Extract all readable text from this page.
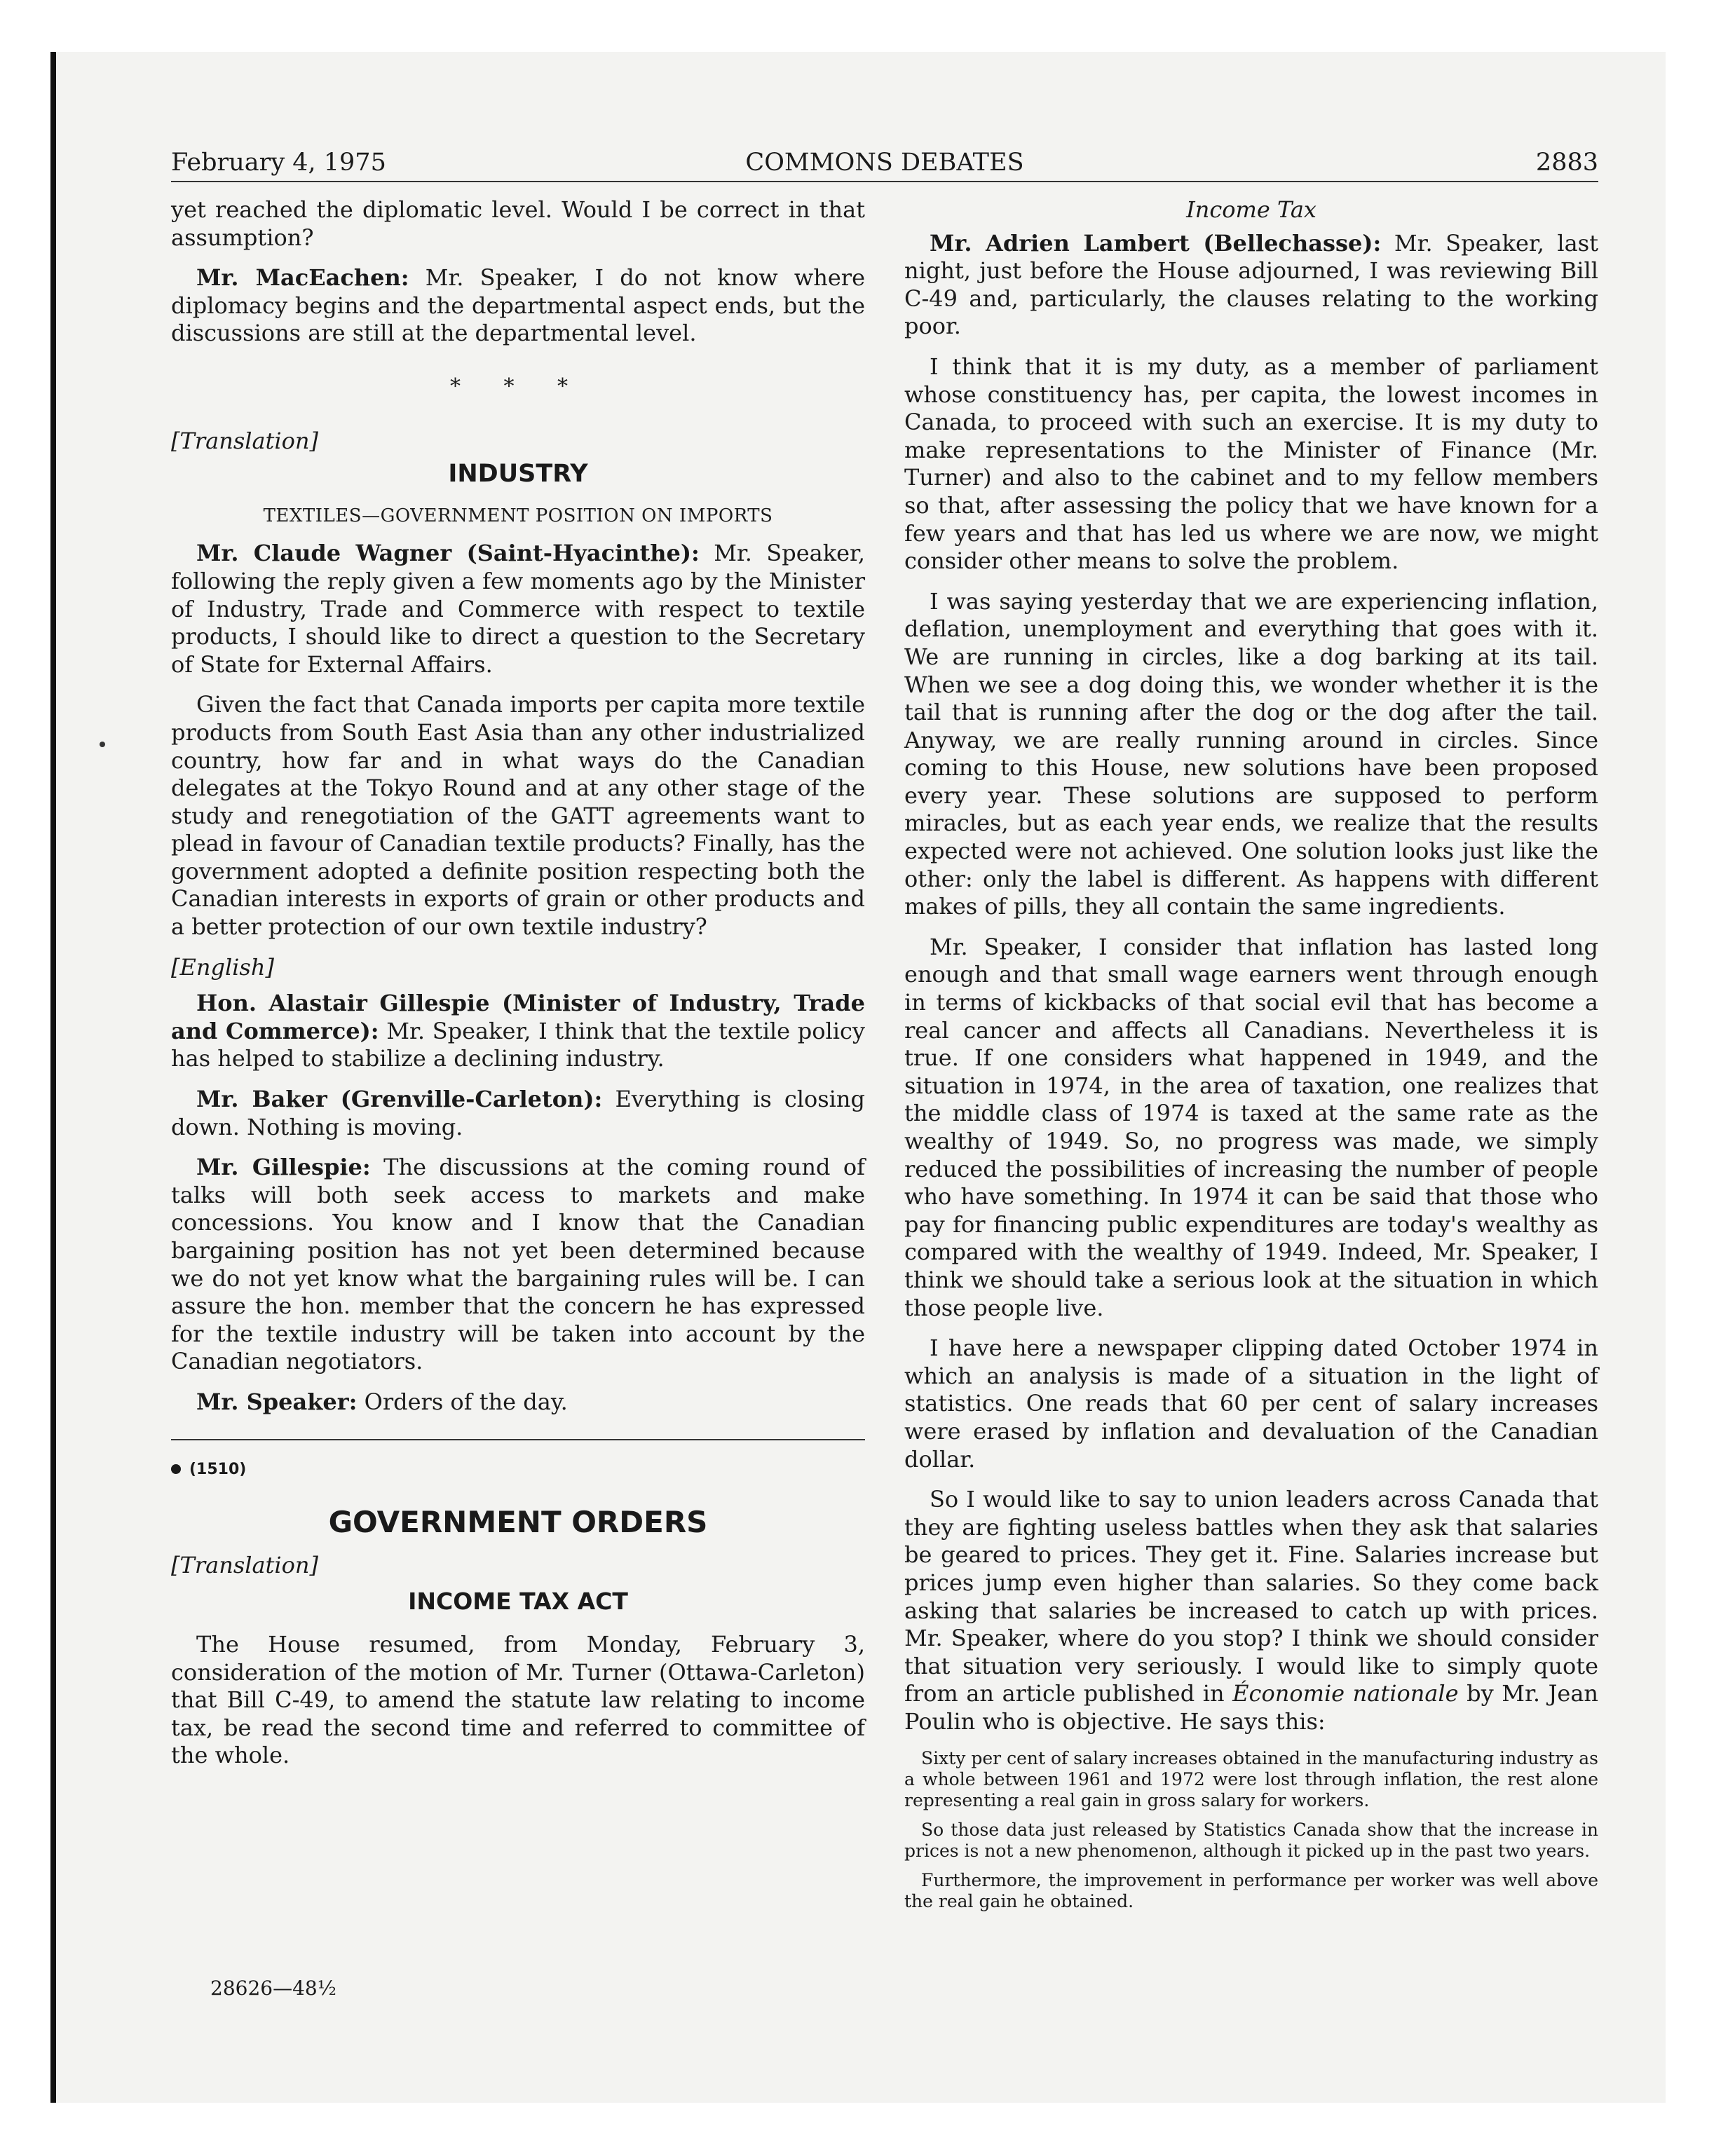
February 4, 1975	COMMONS DEBATES	2883

yet reached the diplomatic level. Would I be correct in that assumption?

Mr. MacEachen: Mr. Speaker, I do not know where diplomacy begins and the departmental aspect ends, but the discussions are still at the departmental level.

* * *
[Translation]
INDUSTRY
TEXTILES—GOVERNMENT POSITION ON IMPORTS

Mr. Claude Wagner (Saint-Hyacinthe): Mr. Speaker, following the reply given a few moments ago by the Minister of Industry, Trade and Commerce with respect to textile products, I should like to direct a question to the Secretary of State for External Affairs.

Given the fact that Canada imports per capita more textile products from South East Asia than any other industrialized country, how far and in what ways do the Canadian delegates at the Tokyo Round and at any other stage of the study and renegotiation of the GATT agreements want to plead in favour of Canadian textile products? Finally, has the government adopted a definite position respecting both the Canadian interests in exports of grain or other products and a better protection of our own textile industry?

[English]

Hon. Alastair Gillespie (Minister of Industry, Trade and Commerce): Mr. Speaker, I think that the textile policy has helped to stabilize a declining industry.

Mr. Baker (Grenville-Carleton): Everything is closing down. Nothing is moving.

Mr. Gillespie: The discussions at the coming round of talks will both seek access to markets and make concessions. You know and I know that the Canadian bargaining position has not yet been determined because we do not yet know what the bargaining rules will be. I can assure the hon. member that the concern he has expressed for the textile industry will be taken into account by the Canadian negotiators.

Mr. Speaker: Orders of the day.

(1510)
GOVERNMENT ORDERS
[Translation]
INCOME TAX ACT

The House resumed, from Monday, February 3, consideration of the motion of Mr. Turner (Ottawa-Carleton) that Bill C-49, to amend the statute law relating to income tax, be read the second time and referred to committee of the whole.

Income Tax

Mr. Adrien Lambert (Bellechasse): Mr. Speaker, last night, just before the House adjourned, I was reviewing Bill C-49 and, particularly, the clauses relating to the working poor.

I think that it is my duty, as a member of parliament whose constituency has, per capita, the lowest incomes in Canada, to proceed with such an exercise. It is my duty to make representations to the Minister of Finance (Mr. Turner) and also to the cabinet and to my fellow members so that, after assessing the policy that we have known for a few years and that has led us where we are now, we might consider other means to solve the problem.

I was saying yesterday that we are experiencing inflation, deflation, unemployment and everything that goes with it. We are running in circles, like a dog barking at its tail. When we see a dog doing this, we wonder whether it is the tail that is running after the dog or the dog after the tail. Anyway, we are really running around in circles. Since coming to this House, new solutions have been proposed every year. These solutions are supposed to perform miracles, but as each year ends, we realize that the results expected were not achieved. One solution looks just like the other: only the label is different. As happens with different makes of pills, they all contain the same ingredients.

Mr. Speaker, I consider that inflation has lasted long enough and that small wage earners went through enough in terms of kickbacks of that social evil that has become a real cancer and affects all Canadians. Nevertheless it is true. If one considers what happened in 1949, and the situation in 1974, in the area of taxation, one realizes that the middle class of 1974 is taxed at the same rate as the wealthy of 1949. So, no progress was made, we simply reduced the possibilities of increasing the number of people who have something. In 1974 it can be said that those who pay for financing public expenditures are today's wealthy as compared with the wealthy of 1949. Indeed, Mr. Speaker, I think we should take a serious look at the situation in which those people live.

I have here a newspaper clipping dated October 1974 in which an analysis is made of a situation in the light of statistics. One reads that 60 per cent of salary increases were erased by inflation and devaluation of the Canadian dollar.

So I would like to say to union leaders across Canada that they are fighting useless battles when they ask that salaries be geared to prices. They get it. Fine. Salaries increase but prices jump even higher than salaries. So they come back asking that salaries be increased to catch up with prices. Mr. Speaker, where do you stop? I think we should consider that situation very seriously. I would like to simply quote from an article published in Économie nationale by Mr. Jean Poulin who is objective. He says this:

Sixty per cent of salary increases obtained in the manufacturing industry as a whole between 1961 and 1972 were lost through inflation, the rest alone representing a real gain in gross salary for workers.

So those data just released by Statistics Canada show that the increase in prices is not a new phenomenon, although it picked up in the past two years.

Furthermore, the improvement in performance per worker was well above the real gain he obtained.

28626—48½
